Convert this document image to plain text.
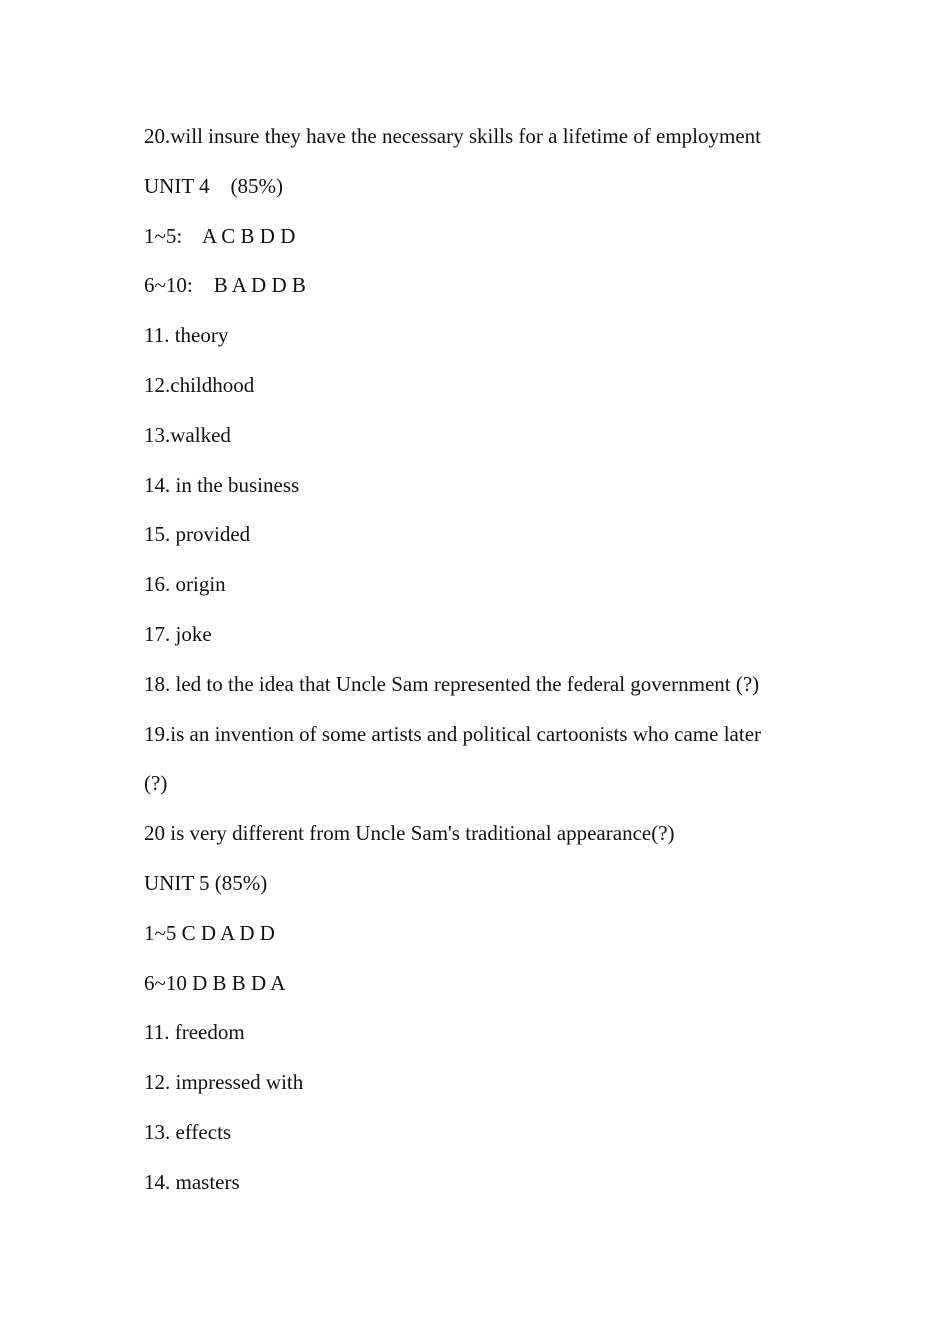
20.will insure they have the necessary skills for a lifetime of employment

UNIT 4    (85%)

1~5:    A C B D D

6~10:    B A D D B

11. theory

12.childhood

13.walked

14. in the business

15. provided

16. origin

17. joke

18. led to the idea that Uncle Sam represented the federal government (?)

19.is an invention of some artists and political cartoonists who came later

(?)

20 is very different from Uncle Sam's traditional appearance(?)

UNIT 5 (85%)

1~5 C D A D D

6~10 D B B D A

11. freedom

12. impressed with

13. effects

14. masters
